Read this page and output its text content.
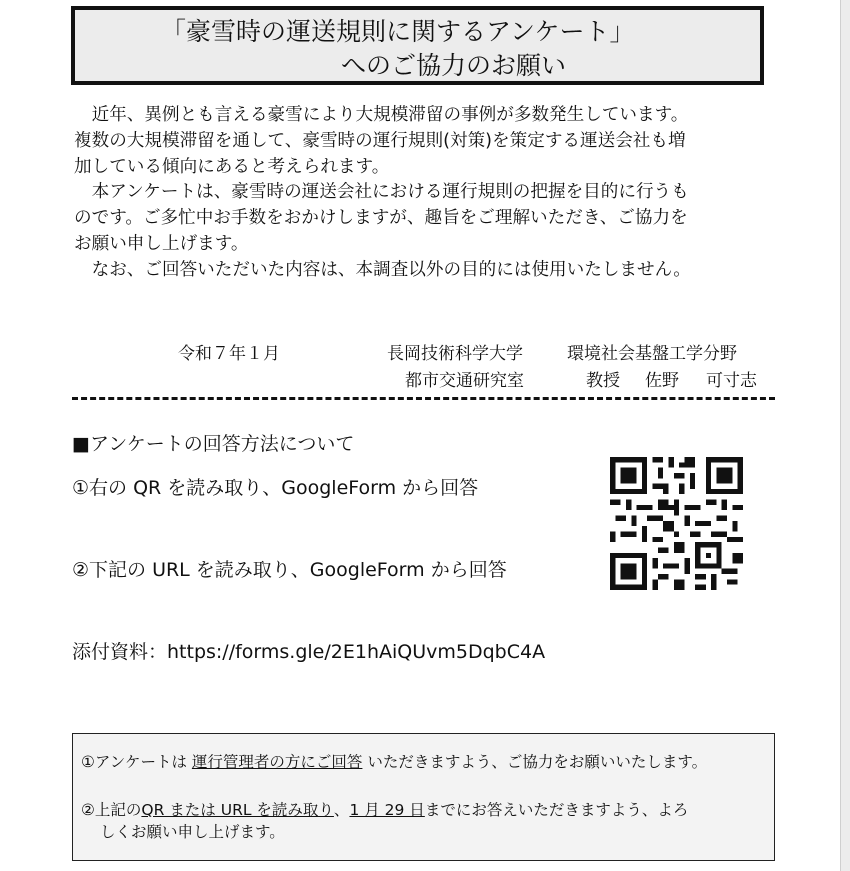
「豪雪時の運送規則に関するアンケート」
へのご協力のお願い
　近年、異例とも言える豪雪により大規模滞留の事例が多数発生しています。
複数の大規模滞留を通して、豪雪時の運行規則(対策)を策定する運送会社も増
加している傾向にあると考えられます。
　本アンケートは、豪雪時の運送会社における運行規則の把握を目的に行うも
のです。ご多忙中お手数をおかけしますが、趣旨をご理解いただき、ご協力を
お願い申し上げます。
　なお、ご回答いただいた内容は、本調査以外の目的には使用いたしません。
令和７年１月	長岡技術科学大学	環境社会基盤工学分野
都市交通研究室	教授 佐野 可寸志
■アンケートの回答方法について
①右の QR を読み取り、GoogleForm から回答
②下記の URL を読み取り、GoogleForm から回答
添付資料：https://forms.gle/2E1hAiQUvm5DqbC4A
①アンケートは 運行管理者の方にご回答 いただきますよう、ご協力をお願いいたします。
②上記のQR または URL を読み取り、1 月 29 日までにお答えいただきますよう、よろ
しくお願い申し上げます。
